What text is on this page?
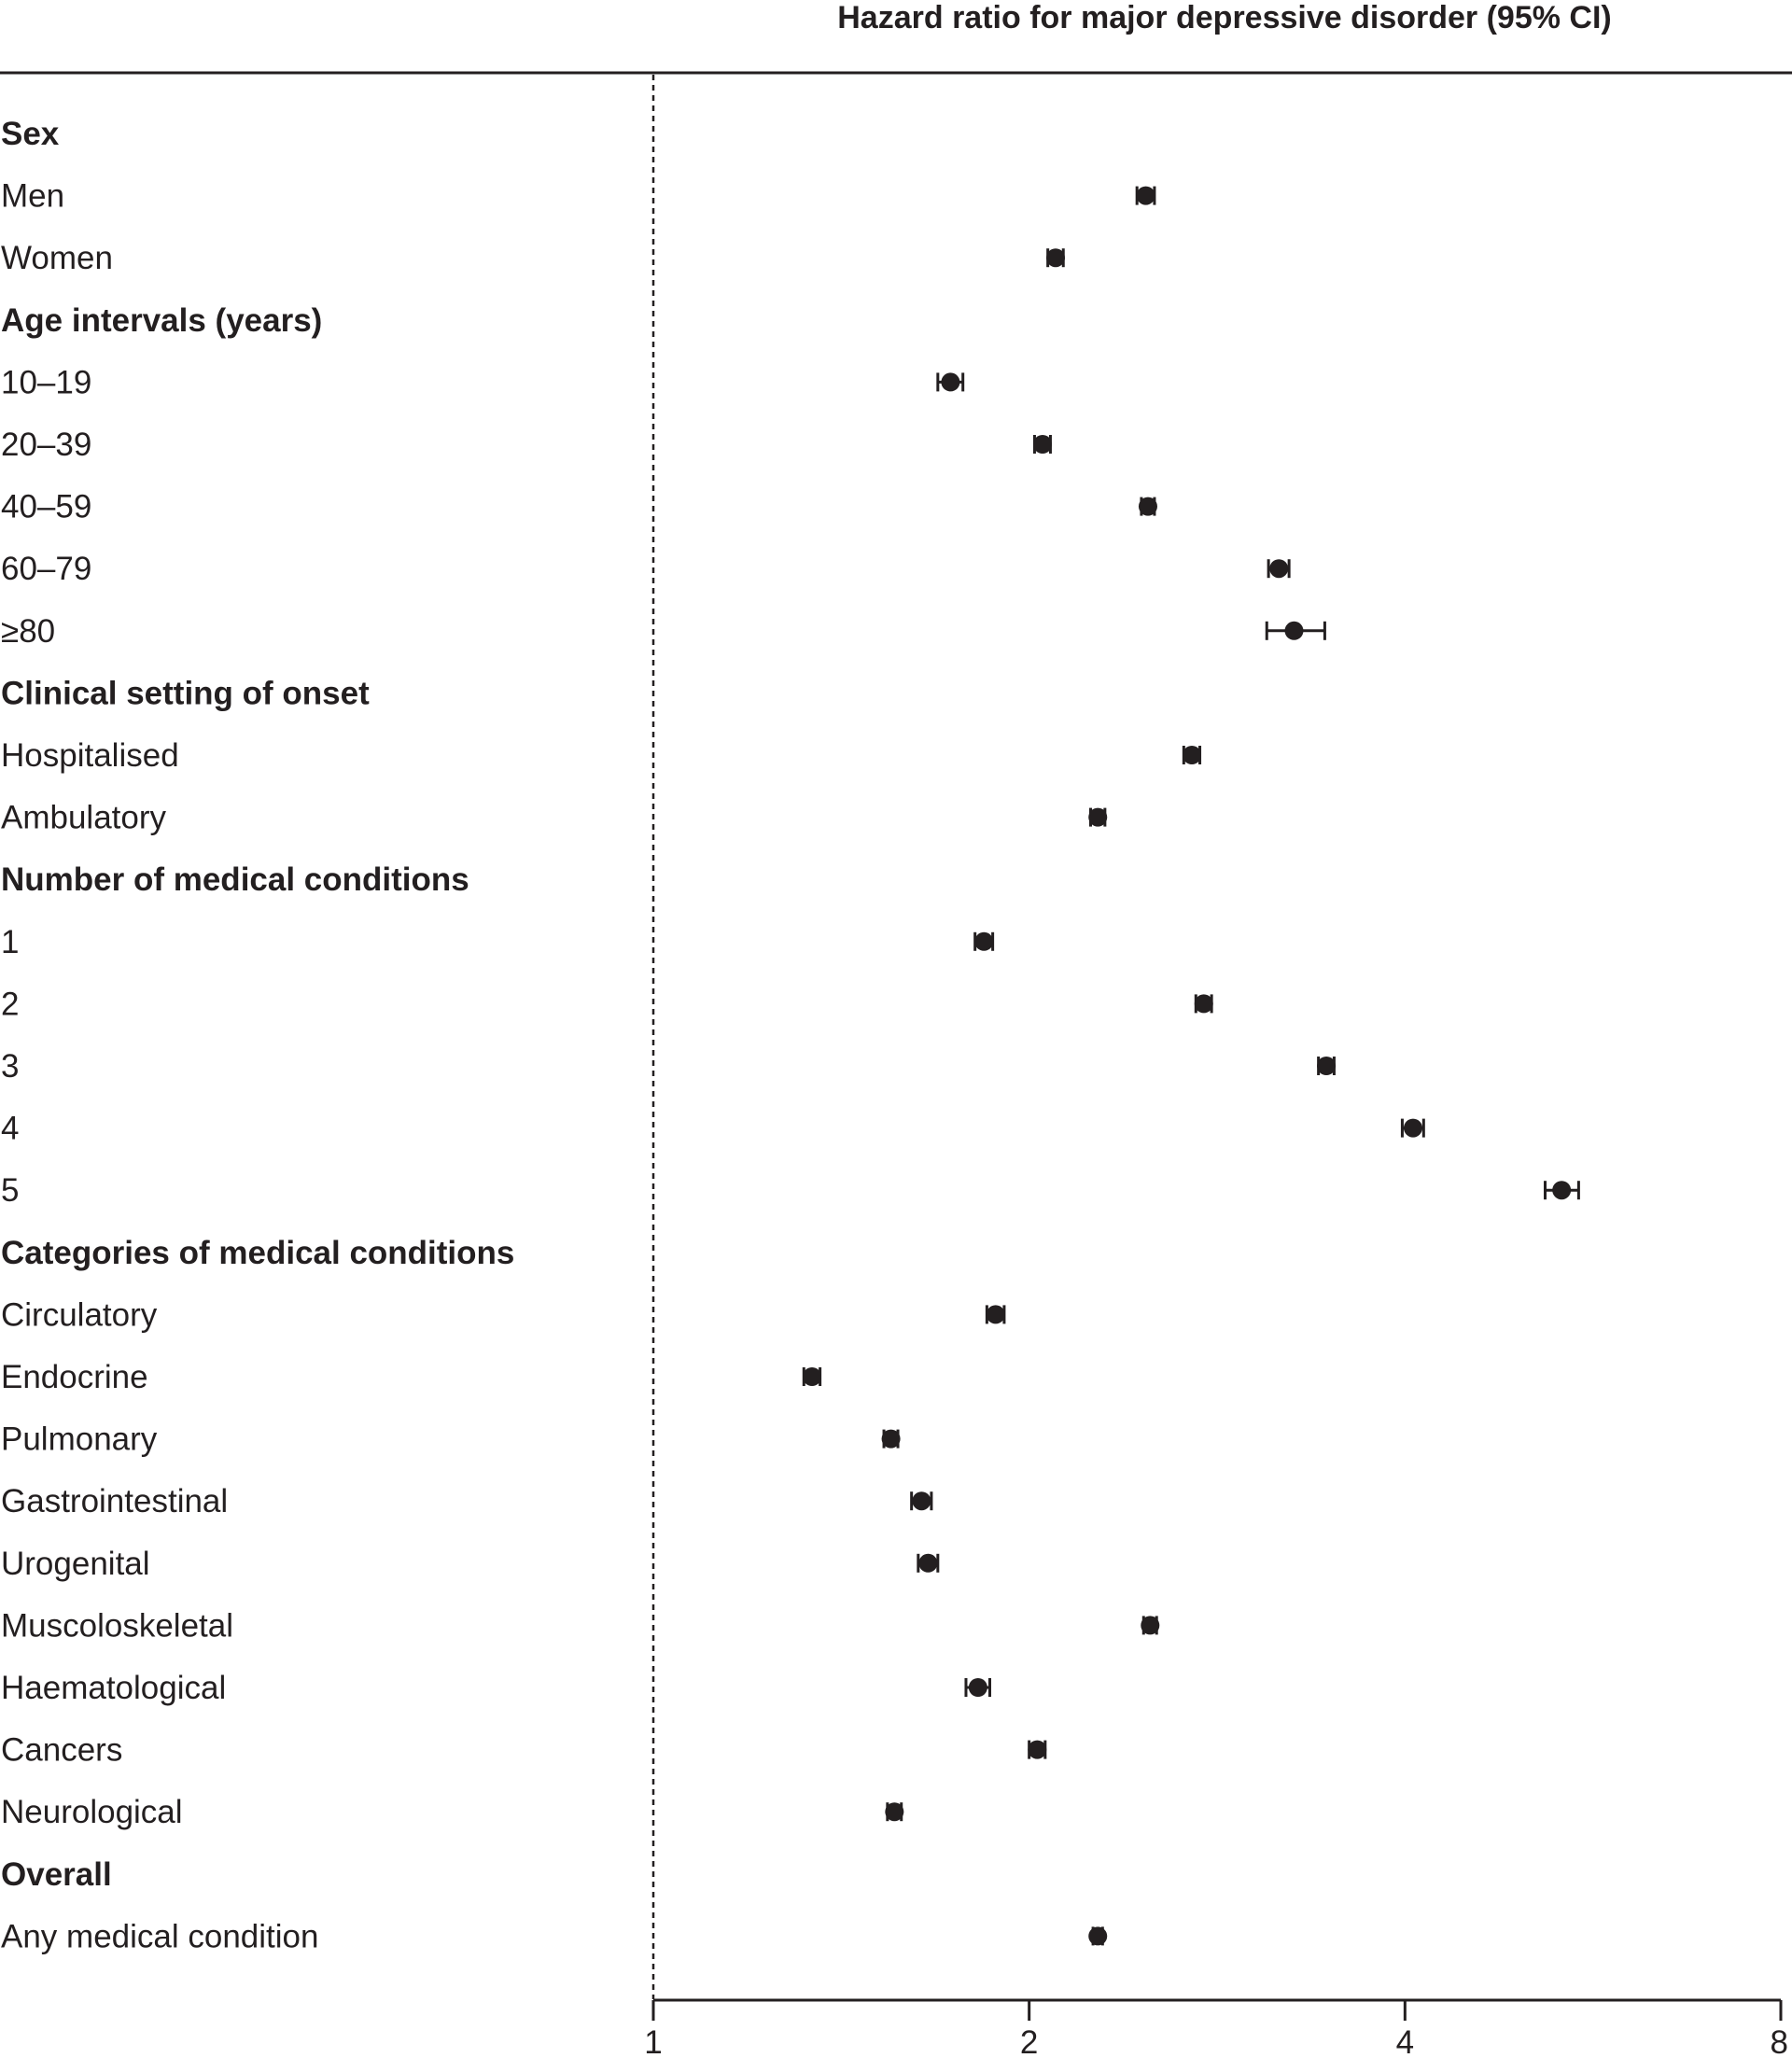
Hazard ratio for major depressive disorder (95% CI)
Sex
Men
Women
Age intervals (years)
10–19
20–39
40–59
60–79
≥80
Clinical setting of onset
Hospitalised
Ambulatory
Number of medical conditions
1
2
3
4
5
Categories of medical conditions
Circulatory
Endocrine
Pulmonary
Gastrointestinal
Urogenital
Muscoloskeletal
Haematological
Cancers
Neurological
Overall
Any medical condition
1	2	4	8
